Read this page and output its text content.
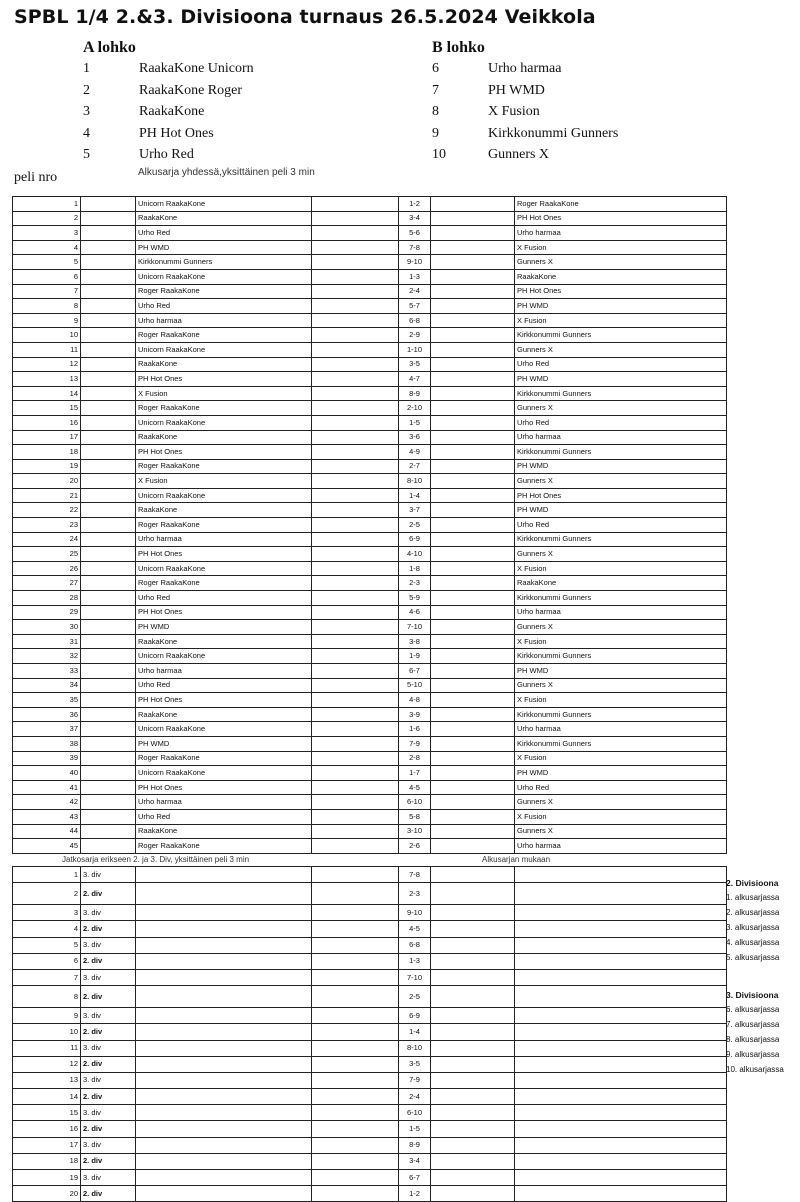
SPBL 1/4 2.&3. Divisioona turnaus 26.5.2024 Veikkola
A lohko
1	RaakaKone Unicorn
2	RaakaKone Roger
3	RaakaKone
4	PH Hot Ones
5	Urho Red
B lohko
6	Urho harmaa
7	PH WMD
8	X Fusion
9	Kirkkonummi Gunners
10	Gunners X
peli nro	Alkusarja yhdessä,yksittäinen peli 3 min
1		Unicorn RaakaKone		1-2		Roger RaakaKone
2		RaakaKone		3-4		PH Hot Ones
3		Urho Red		5-6		Urho harmaa
4		PH WMD		7-8		X Fusion
5		Kirkkonummi Gunners		9-10		Gunners X
6		Unicorn RaakaKone		1-3		RaakaKone
7		Roger RaakaKone		2-4		PH Hot Ones
8		Urho Red		5-7		PH WMD
9		Urho harmaa		6-8		X Fusion
10		Roger RaakaKone		2-9		Kirkkonummi Gunners
11		Unicorn RaakaKone		1-10		Gunners X
12		RaakaKone		3-5		Urho Red
13		PH Hot Ones		4-7		PH WMD
14		X Fusion		8-9		Kirkkonummi Gunners
15		Roger RaakaKone		2-10		Gunners X
16		Unicorn RaakaKone		1-5		Urho Red
17		RaakaKone		3-6		Urho harmaa
18		PH Hot Ones		4-9		Kirkkonummi Gunners
19		Roger RaakaKone		2-7		PH WMD
20		X Fusion		8-10		Gunners X
21		Unicorn RaakaKone		1-4		PH Hot Ones
22		RaakaKone		3-7		PH WMD
23		Roger RaakaKone		2-5		Urho Red
24		Urho harmaa		6-9		Kirkkonummi Gunners
25		PH Hot Ones		4-10		Gunners X
26		Unicorn RaakaKone		1-8		X Fusion
27		Roger RaakaKone		2-3		RaakaKone
28		Urho Red		5-9		Kirkkonummi Gunners
29		PH Hot Ones		4-6		Urho harmaa
30		PH WMD		7-10		Gunners X
31		RaakaKone		3-8		X Fusion
32		Unicorn RaakaKone		1-9		Kirkkonummi Gunners
33		Urho harmaa		6-7		PH WMD
34		Urho Red		5-10		Gunners X
35		PH Hot Ones		4-8		X Fusion
36		RaakaKone		3-9		Kirkkonummi Gunners
37		Unicorn RaakaKone		1-6		Urho harmaa
38		PH WMD		7-9		Kirkkonummi Gunners
39		Roger RaakaKone		2-8		X Fusion
40		Unicorn RaakaKone		1-7		PH WMD
41		PH Hot Ones		4-5		Urho Red
42		Urho harmaa		6-10		Gunners X
43		Urho Red		5-8		X Fusion
44		RaakaKone		3-10		Gunners X
45		Roger RaakaKone		2-6		Urho harmaa
Jatkosarja erikseen 2. ja 3. Div, yksittäinen peli 3 min	Alkusarjan mukaan
1	3. div			7-8		
2	2. div			2-3		
3	3. div			9-10		
4	2. div			4-5		
5	3. div			6-8		
6	2. div			1-3		
7	3. div			7-10		
8	2. div			2-5		
9	3. div			6-9		
10	2. div			1-4		
11	3. div			8-10		
12	2. div			3-5		
13	3. div			7-9		
14	2. div			2-4		
15	3. div			6-10		
16	2. div			1-5		
17	3. div			8-9		
18	2. div			3-4		
19	3. div			6-7		
20	2. div			1-2		
2. Divisioona
1. alkusarjassa
2. alkusarjassa
3. alkusarjassa
4. alkusarjassa
5. alkusarjassa
3. Divisioona
6. alkusarjassa
7. alkusarjassa
8. alkusarjassa
9. alkusarjassa
10. alkusarjassa
